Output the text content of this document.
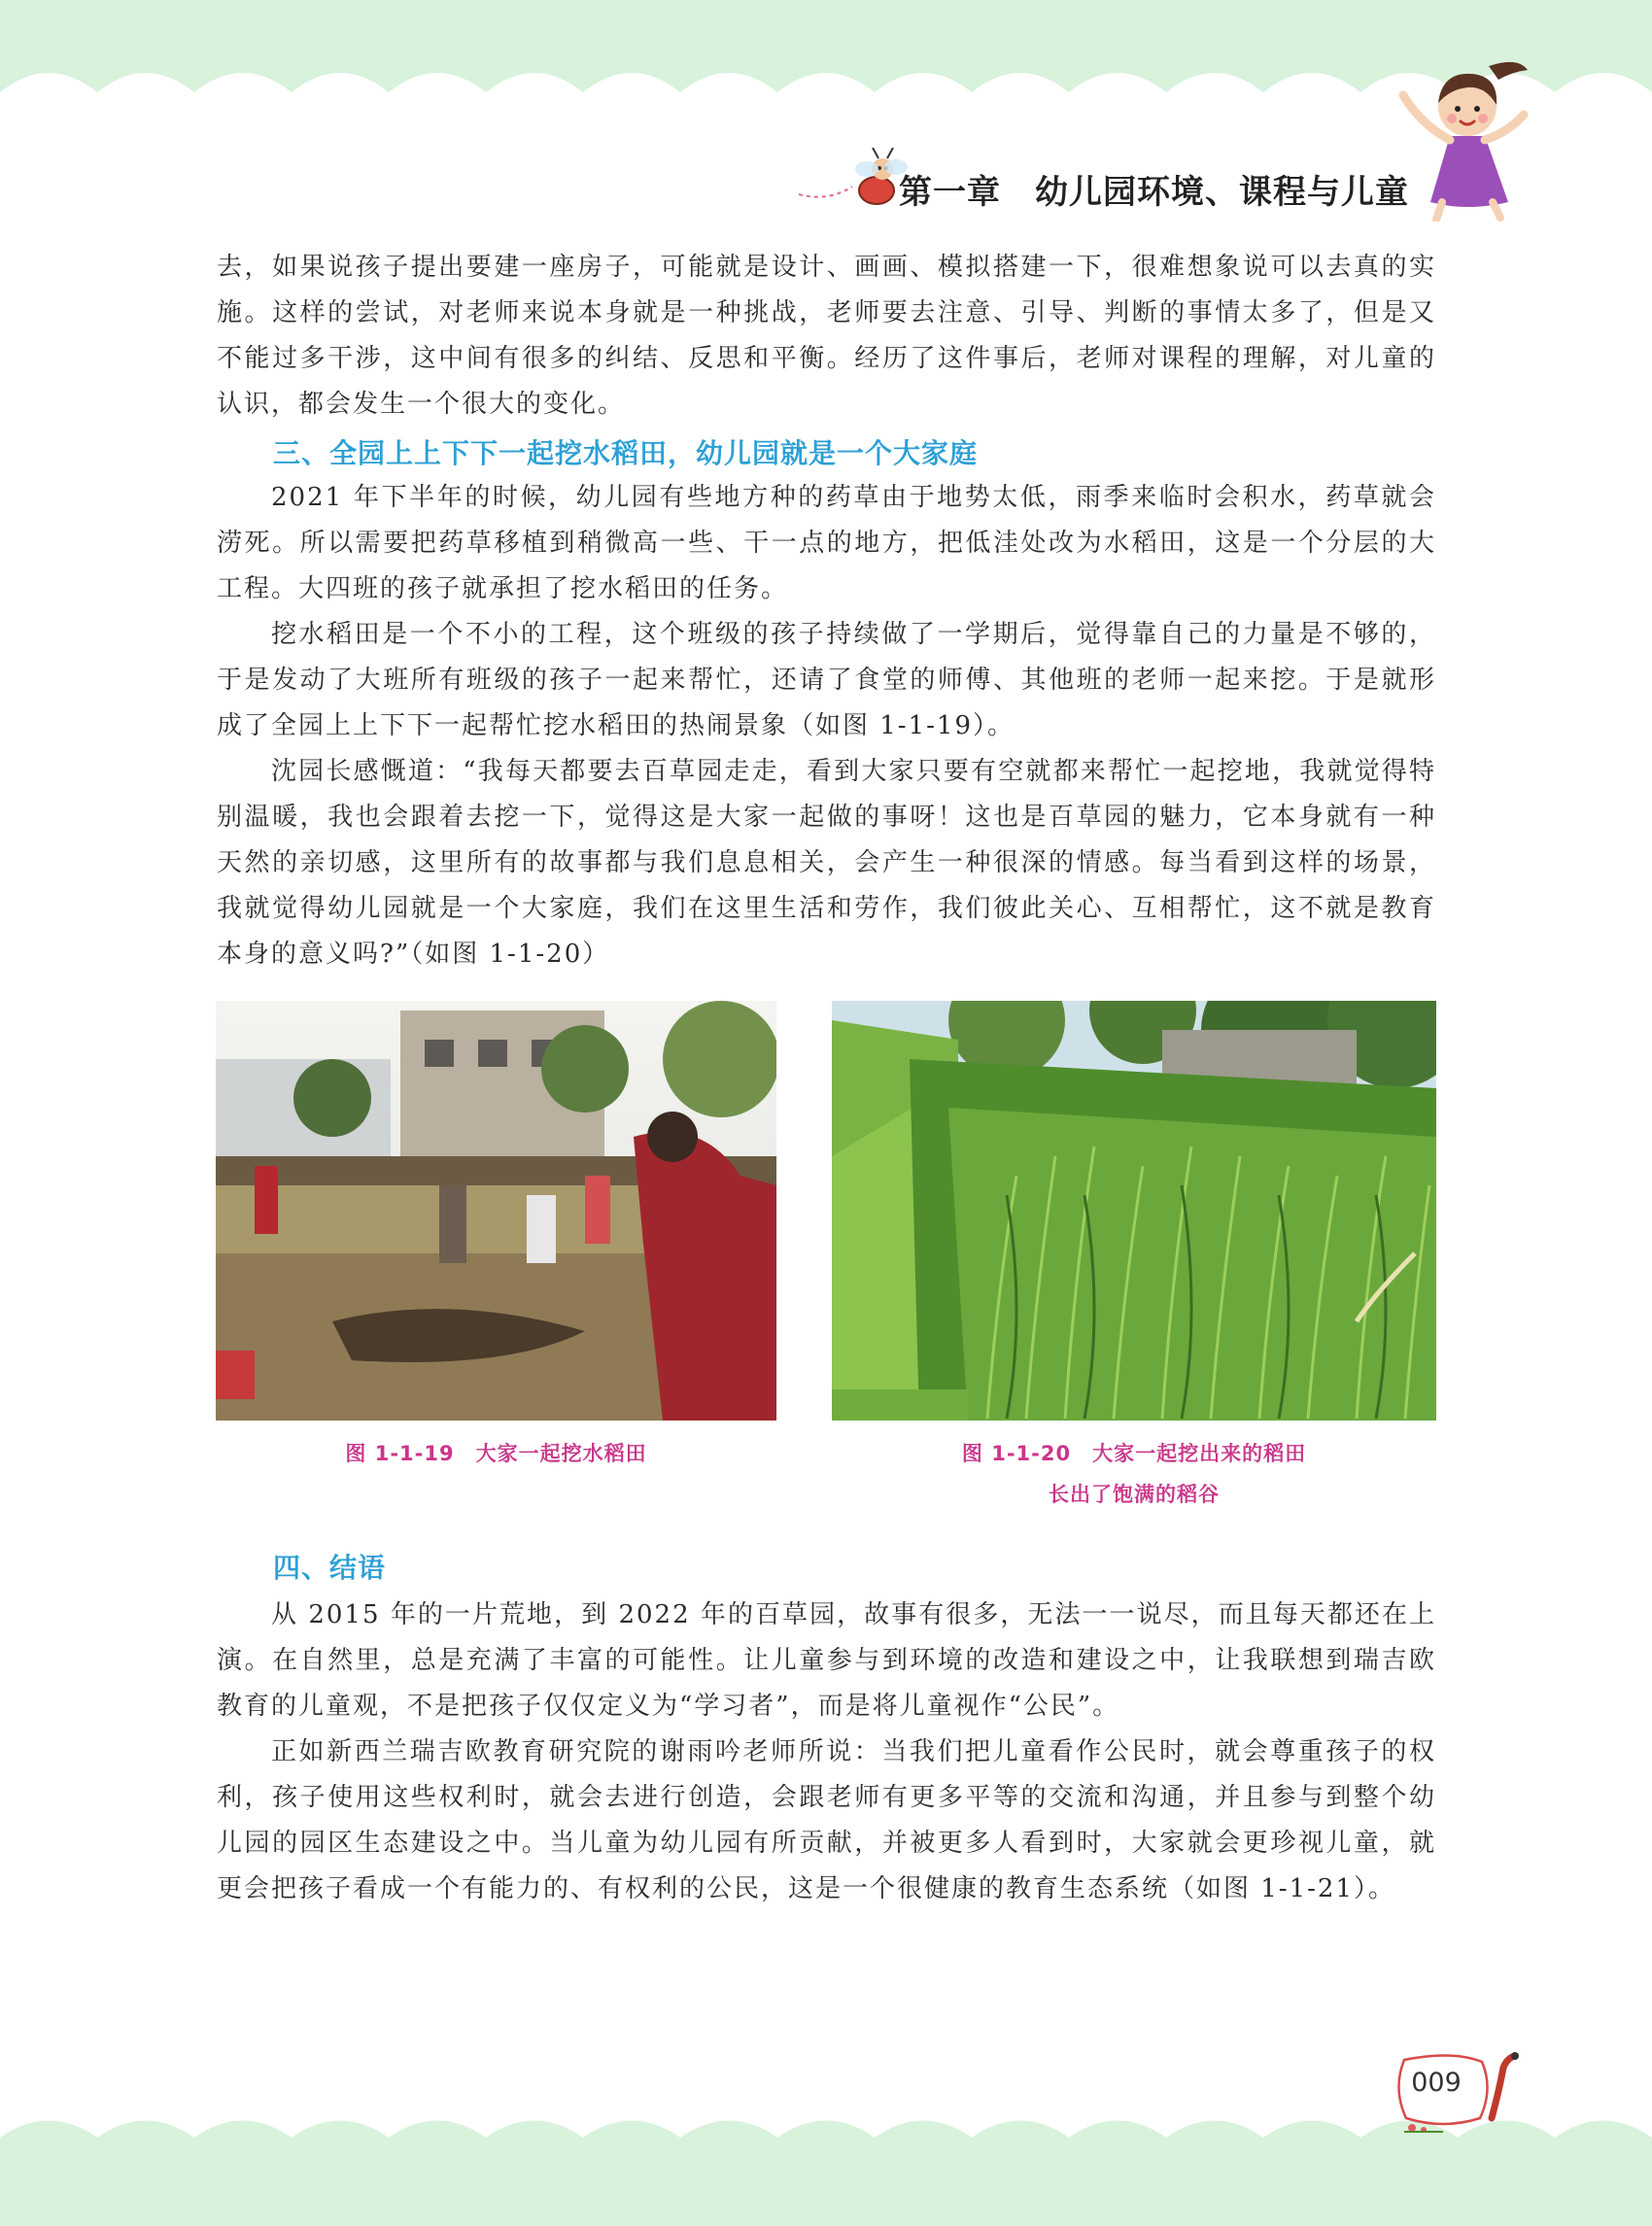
第一章　幼儿园环境、课程与儿童

去，如果说孩子提出要建一座房子，可能就是设计、画画、模拟搭建一下，很难想象说可以去真的实施。这样的尝试，对老师来说本身就是一种挑战，老师要去注意、引导、判断的事情太多了，但是又不能过多干涉，这中间有很多的纠结、反思和平衡。经历了这件事后，老师对课程的理解，对儿童的认识，都会发生一个很大的变化。

三、全园上上下下一起挖水稻田，幼儿园就是一个大家庭

2021 年下半年的时候，幼儿园有些地方种的药草由于地势太低，雨季来临时会积水，药草就会涝死。所以需要把药草移植到稍微高一些、干一点的地方，把低洼处改为水稻田，这是一个分层的大工程。大四班的孩子就承担了挖水稻田的任务。

挖水稻田是一个不小的工程，这个班级的孩子持续做了一学期后，觉得靠自己的力量是不够的，于是发动了大班所有班级的孩子一起来帮忙，还请了食堂的师傅、其他班的老师一起来挖。于是就形成了全园上上下下一起帮忙挖水稻田的热闹景象（如图 1-1-19）。

沈园长感慨道：“我每天都要去百草园走走，看到大家只要有空就都来帮忙一起挖地，我就觉得特别温暖，我也会跟着去挖一下，觉得这是大家一起做的事呀！这也是百草园的魅力，它本身就有一种天然的亲切感，这里所有的故事都与我们息息相关，会产生一种很深的情感。每当看到这样的场景，我就觉得幼儿园就是一个大家庭，我们在这里生活和劳作，我们彼此关心、互相帮忙，这不就是教育本身的意义吗?”（如图 1-1-20）

图 1-1-19　大家一起挖水稻田	图 1-1-20　大家一起挖出来的稻田
长出了饱满的稻谷
四、结语

从 2015 年的一片荒地，到 2022 年的百草园，故事有很多，无法一一说尽，而且每天都还在上演。在自然里，总是充满了丰富的可能性。让儿童参与到环境的改造和建设之中，让我联想到瑞吉欧教育的儿童观，不是把孩子仅仅定义为“学习者”，而是将儿童视作“公民”。

正如新西兰瑞吉欧教育研究院的谢雨吟老师所说：当我们把儿童看作公民时，就会尊重孩子的权利，孩子使用这些权利时，就会去进行创造，会跟老师有更多平等的交流和沟通，并且参与到整个幼儿园的园区生态建设之中。当儿童为幼儿园有所贡献，并被更多人看到时，大家就会更珍视儿童，就更会把孩子看成一个有能力的、有权利的公民，这是一个很健康的教育生态系统（如图 1-1-21）。

009
